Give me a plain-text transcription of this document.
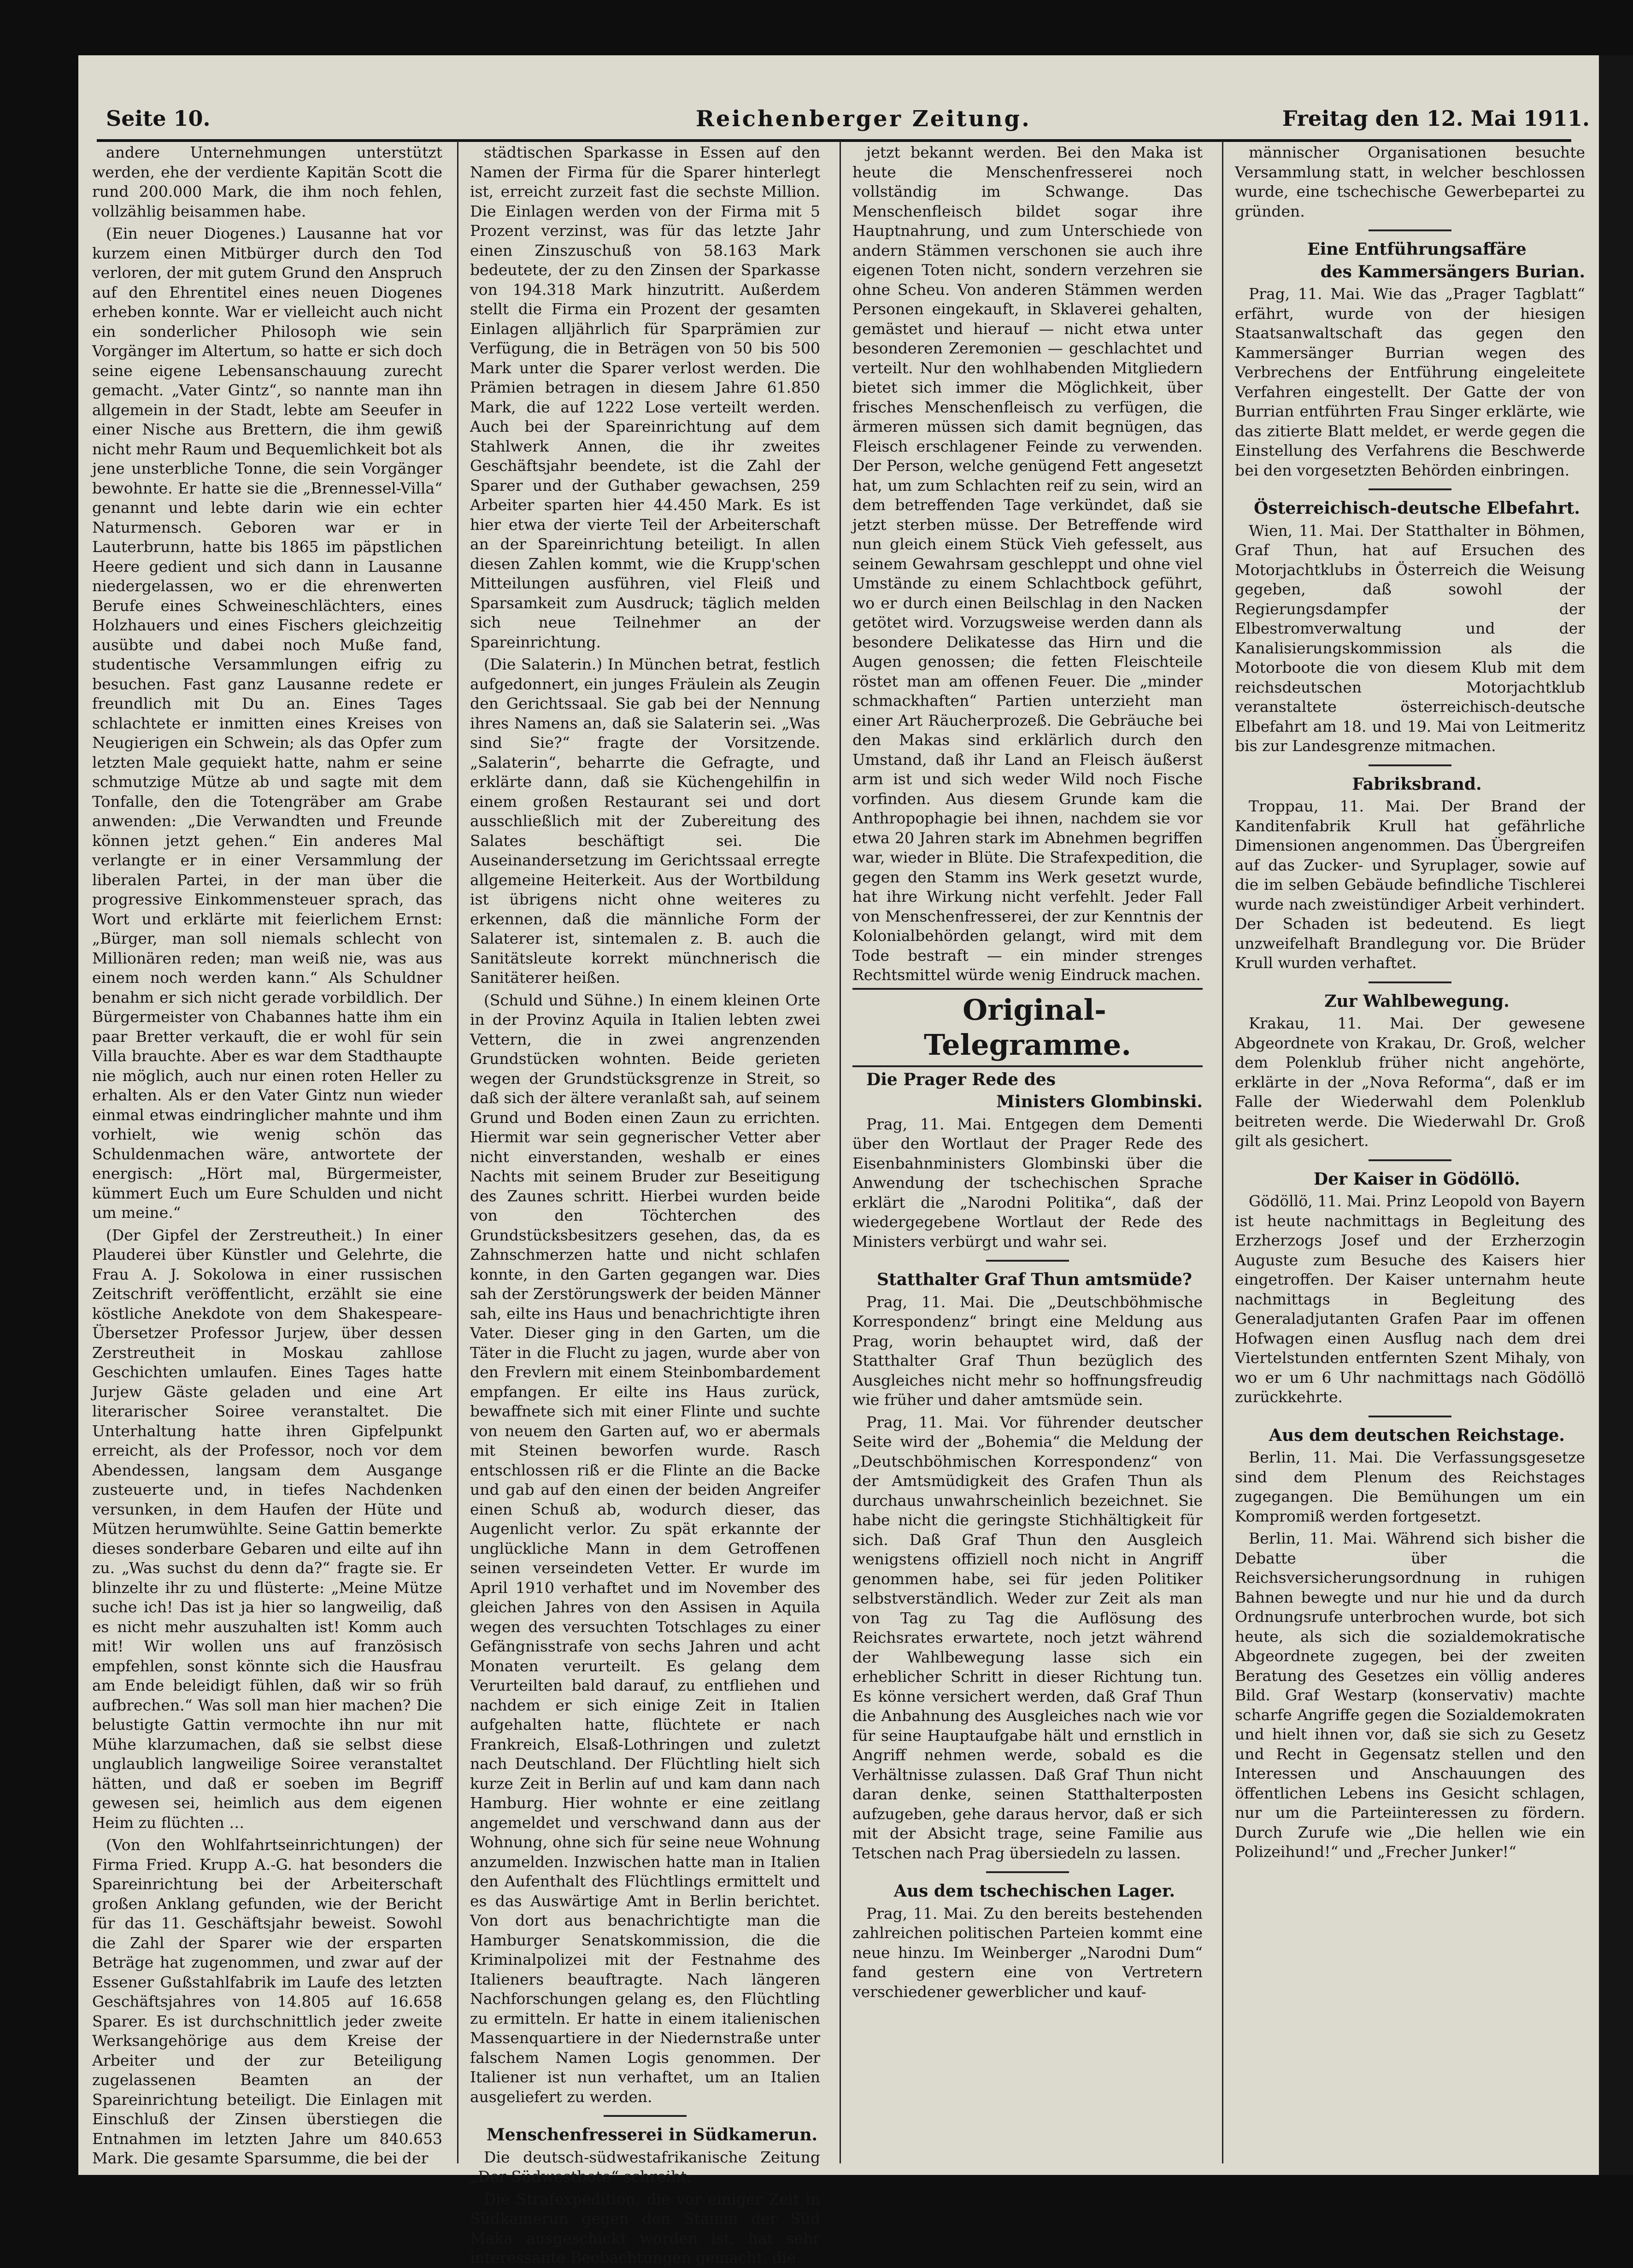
Seite 10.	Reichenberger Zeitung.	Freitag den 12. Mai 1911.

andere Unternehmungen unterstützt werden, ehe der verdiente Kapitän Scott die rund 200.000 Mark, die ihm noch fehlen, vollzählig beisammen habe.

(Ein neuer Diogenes.) Lausanne hat vor kurzem einen Mitbürger durch den Tod verloren, der mit gutem Grund den Anspruch auf den Ehrentitel eines neuen Diogenes erheben konnte. War er vielleicht auch nicht ein sonderlicher Philosoph wie sein Vorgänger im Altertum, so hatte er sich doch seine eigene Lebensanschauung zurecht gemacht. „Vater Gintz“, so nannte man ihn allgemein in der Stadt, lebte am Seeufer in einer Nische aus Brettern, die ihm gewiß nicht mehr Raum und Bequemlichkeit bot als jene unsterbliche Tonne, die sein Vorgänger bewohnte. Er hatte sie die „Brennessel-Villa“ genannt und lebte darin wie ein echter Naturmensch. Geboren war er in Lauterbrunn, hatte bis 1865 im päpstlichen Heere gedient und sich dann in Lausanne niedergelassen, wo er die ehrenwerten Berufe eines Schweineschlächters, eines Holzhauers und eines Fischers gleichzeitig ausübte und dabei noch Muße fand, studentische Versammlungen eifrig zu besuchen. Fast ganz Lausanne redete er freundlich mit Du an. Eines Tages schlachtete er inmitten eines Kreises von Neugierigen ein Schwein; als das Opfer zum letzten Male gequiekt hatte, nahm er seine schmutzige Mütze ab und sagte mit dem Tonfalle, den die Totengräber am Grabe anwenden: „Die Verwandten und Freunde können jetzt gehen.“ Ein anderes Mal verlangte er in einer Versammlung der liberalen Partei, in der man über die progressive Einkommensteuer sprach, das Wort und erklärte mit feierlichem Ernst: „Bürger, man soll niemals schlecht von Millionären reden; man weiß nie, was aus einem noch werden kann.“ Als Schuldner benahm er sich nicht gerade vorbildlich. Der Bürgermeister von Chabannes hatte ihm ein paar Bretter verkauft, die er wohl für sein Villa brauchte. Aber es war dem Stadthaupte nie möglich, auch nur einen roten Heller zu erhalten. Als er den Vater Gintz nun wieder einmal etwas eindringlicher mahnte und ihm vorhielt, wie wenig schön das Schuldenmachen wäre, antwortete der energisch: „Hört mal, Bürgermeister, kümmert Euch um Eure Schulden und nicht um meine.“

(Der Gipfel der Zerstreutheit.) In einer Plauderei über Künstler und Gelehrte, die Frau A. J. Sokolowa in einer russischen Zeitschrift veröffentlicht, erzählt sie eine köstliche Anekdote von dem Shakespeare-Übersetzer Professor Jurjew, über dessen Zerstreutheit in Moskau zahllose Geschichten umlaufen. Eines Tages hatte Jurjew Gäste geladen und eine Art literarischer Soiree veranstaltet. Die Unterhaltung hatte ihren Gipfelpunkt erreicht, als der Professor, noch vor dem Abendessen, langsam dem Ausgange zusteuerte und, in tiefes Nachdenken versunken, in dem Haufen der Hüte und Mützen herumwühlte. Seine Gattin bemerkte dieses sonderbare Gebaren und eilte auf ihn zu. „Was suchst du denn da?“ fragte sie. Er blinzelte ihr zu und flüsterte: „Meine Mütze suche ich! Das ist ja hier so langweilig, daß es nicht mehr auszuhalten ist! Komm auch mit! Wir wollen uns auf französisch empfehlen, sonst könnte sich die Hausfrau am Ende beleidigt fühlen, daß wir so früh aufbrechen.“ Was soll man hier machen? Die belustigte Gattin vermochte ihn nur mit Mühe klarzumachen, daß sie selbst diese unglaublich langweilige Soiree veranstaltet hätten, und daß er soeben im Begriff gewesen sei, heimlich aus dem eigenen Heim zu flüchten …

(Von den Wohlfahrtseinrichtungen) der Firma Fried. Krupp A.-G. hat besonders die Spareinrichtung bei der Arbeiterschaft großen Anklang gefunden, wie der Bericht für das 11. Geschäftsjahr beweist. Sowohl die Zahl der Sparer wie der ersparten Beträge hat zugenommen, und zwar auf der Essener Gußstahlfabrik im Laufe des letzten Geschäftsjahres von 14.805 auf 16.658 Sparer. Es ist durchschnittlich jeder zweite Werksangehörige aus dem Kreise der Arbeiter und der zur Beteiligung zugelassenen Beamten an der Spareinrichtung beteiligt. Die Einlagen mit Einschluß der Zinsen überstiegen die Entnahmen im letzten Jahre um 840.653 Mark. Die gesamte Sparsumme, die bei der

städtischen Sparkasse in Essen auf den Namen der Firma für die Sparer hinterlegt ist, erreicht zurzeit fast die sechste Million. Die Einlagen werden von der Firma mit 5 Prozent verzinst, was für das letzte Jahr einen Zinszuschuß von 58.163 Mark bedeutete, der zu den Zinsen der Sparkasse von 194.318 Mark hinzutritt. Außerdem stellt die Firma ein Prozent der gesamten Einlagen alljährlich für Sparprämien zur Verfügung, die in Beträgen von 50 bis 500 Mark unter die Sparer verlost werden. Die Prämien betragen in diesem Jahre 61.850 Mark, die auf 1222 Lose verteilt werden. Auch bei der Spareinrichtung auf dem Stahlwerk Annen, die ihr zweites Geschäftsjahr beendete, ist die Zahl der Sparer und der Guthaber gewachsen, 259 Arbeiter sparten hier 44.450 Mark. Es ist hier etwa der vierte Teil der Arbeiterschaft an der Spareinrichtung beteiligt. In allen diesen Zahlen kommt, wie die Krupp'schen Mitteilungen ausführen, viel Fleiß und Sparsamkeit zum Ausdruck; täglich melden sich neue Teilnehmer an der Spareinrichtung.

(Die Salaterin.) In München betrat, festlich aufgedonnert, ein junges Fräulein als Zeugin den Gerichtssaal. Sie gab bei der Nennung ihres Namens an, daß sie Salaterin sei. „Was sind Sie?“ fragte der Vorsitzende. „Salaterin“, beharrte die Gefragte, und erklärte dann, daß sie Küchengehilfin in einem großen Restaurant sei und dort ausschließlich mit der Zubereitung des Salates beschäftigt sei. Die Auseinandersetzung im Gerichtssaal erregte allgemeine Heiterkeit. Aus der Wortbildung ist übrigens nicht ohne weiteres zu erkennen, daß die männliche Form der Salaterer ist, sintemalen z. B. auch die Sanitätsleute korrekt münchnerisch die Sanitäterer heißen.

(Schuld und Sühne.) In einem kleinen Orte in der Provinz Aquila in Italien lebten zwei Vettern, die in zwei angrenzenden Grundstücken wohnten. Beide gerieten wegen der Grundstücksgrenze in Streit, so daß sich der ältere veranlaßt sah, auf seinem Grund und Boden einen Zaun zu errichten. Hiermit war sein gegnerischer Vetter aber nicht einverstanden, weshalb er eines Nachts mit seinem Bruder zur Beseitigung des Zaunes schritt. Hierbei wurden beide von den Töchterchen des Grundstücksbesitzers gesehen, das, da es Zahnschmerzen hatte und nicht schlafen konnte, in den Garten gegangen war. Dies sah der Zerstörungswerk der beiden Männer sah, eilte ins Haus und benachrichtigte ihren Vater. Dieser ging in den Garten, um die Täter in die Flucht zu jagen, wurde aber von den Frevlern mit einem Steinbombardement empfangen. Er eilte ins Haus zurück, bewaffnete sich mit einer Flinte und suchte von neuem den Garten auf, wo er abermals mit Steinen beworfen wurde. Rasch entschlossen riß er die Flinte an die Backe und gab auf den einen der beiden Angreifer einen Schuß ab, wodurch dieser, das Augenlicht verlor. Zu spät erkannte der unglückliche Mann in dem Getroffenen seinen verseindeten Vetter. Er wurde im April 1910 verhaftet und im November des gleichen Jahres von den Assisen in Aquila wegen des versuchten Totschlages zu einer Gefängnisstrafe von sechs Jahren und acht Monaten verurteilt. Es gelang dem Verurteilten bald darauf, zu entfliehen und nachdem er sich einige Zeit in Italien aufgehalten hatte, flüchtete er nach Frankreich, Elsaß-Lothringen und zuletzt nach Deutschland. Der Flüchtling hielt sich kurze Zeit in Berlin auf und kam dann nach Hamburg. Hier wohnte er eine zeitlang angemeldet und verschwand dann aus der Wohnung, ohne sich für seine neue Wohnung anzumelden. Inzwischen hatte man in Italien den Aufenthalt des Flüchtlings ermittelt und es das Auswärtige Amt in Berlin berichtet. Von dort aus benachrichtigte man die Hamburger Senatskommission, die die Kriminalpolizei mit der Festnahme des Italieners beauftragte. Nach längeren Nachforschungen gelang es, den Flüchtling zu ermitteln. Er hatte in einem italienischen Massenquartiere in der Niedernstraße unter falschem Namen Logis genommen. Der Italiener ist nun verhaftet, um an Italien ausgeliefert zu werden.

Menschenfresserei in Südkamerun.

Die deutsch-südwestafrikanische Zeitung „Der Südwestbote“ schreibt:

Die Strafexpedition, die vor einiger Zeit in Südkamerun gegen den Stamm der Süd Maka ausgeschickt worden ist, hat sehr interessante Beobachtungen gemacht, die

jetzt bekannt werden. Bei den Maka ist heute die Menschenfresserei noch vollständig im Schwange. Das Menschenfleisch bildet sogar ihre Hauptnahrung, und zum Unterschiede von andern Stämmen verschonen sie auch ihre eigenen Toten nicht, sondern verzehren sie ohne Scheu. Von anderen Stämmen werden Personen eingekauft, in Sklaverei gehalten, gemästet und hierauf — nicht etwa unter besonderen Zeremonien — geschlachtet und verteilt. Nur den wohlhabenden Mitgliedern bietet sich immer die Möglichkeit, über frisches Menschenfleisch zu verfügen, die ärmeren müssen sich damit begnügen, das Fleisch erschlagener Feinde zu verwenden. Der Person, welche genügend Fett angesetzt hat, um zum Schlachten reif zu sein, wird an dem betreffenden Tage verkündet, daß sie jetzt sterben müsse. Der Betreffende wird nun gleich einem Stück Vieh gefesselt, aus seinem Gewahrsam geschleppt und ohne viel Umstände zu einem Schlachtbock geführt, wo er durch einen Beilschlag in den Nacken getötet wird. Vorzugsweise werden dann als besondere Delikatesse das Hirn und die Augen genossen; die fetten Fleischteile röstet man am offenen Feuer. Die „minder schmackhaften“ Partien unterzieht man einer Art Räucherprozeß. Die Gebräuche bei den Makas sind erklärlich durch den Umstand, daß ihr Land an Fleisch äußerst arm ist und sich weder Wild noch Fische vorfinden. Aus diesem Grunde kam die Anthropophagie bei ihnen, nachdem sie vor etwa 20 Jahren stark im Abnehmen begriffen war, wieder in Blüte. Die Strafexpedition, die gegen den Stamm ins Werk gesetzt wurde, hat ihre Wirkung nicht verfehlt. Jeder Fall von Menschenfresserei, der zur Kenntnis der Kolonialbehörden gelangt, wird mit dem Tode bestraft — ein minder strenges Rechtsmittel würde wenig Eindruck machen.

Original-Telegramme.

Die Prager Rede des

Ministers Glombinski.

Prag, 11. Mai. Entgegen dem Dementi über den Wortlaut der Prager Rede des Eisenbahnministers Glombinski über die Anwendung der tschechischen Sprache erklärt die „Narodni Politika“, daß der wiedergegebene Wortlaut der Rede des Ministers verbürgt und wahr sei.

Statthalter Graf Thun amtsmüde?

Prag, 11. Mai. Die „Deutschböhmische Korrespondenz“ bringt eine Meldung aus Prag, worin behauptet wird, daß der Statthalter Graf Thun bezüglich des Ausgleiches nicht mehr so hoffnungsfreudig wie früher und daher amtsmüde sein.

Prag, 11. Mai. Vor führender deutscher Seite wird der „Bohemia“ die Meldung der „Deutschböhmischen Korrespondenz“ von der Amtsmüdigkeit des Grafen Thun als durchaus unwahrscheinlich bezeichnet. Sie habe nicht die geringste Stichhältigkeit für sich. Daß Graf Thun den Ausgleich wenigstens offiziell noch nicht in Angriff genommen habe, sei für jeden Politiker selbstverständlich. Weder zur Zeit als man von Tag zu Tag die Auflösung des Reichsrates erwartete, noch jetzt während der Wahlbewegung lasse sich ein erheblicher Schritt in dieser Richtung tun. Es könne versichert werden, daß Graf Thun die Anbahnung des Ausgleiches nach wie vor für seine Hauptaufgabe hält und ernstlich in Angriff nehmen werde, sobald es die Verhältnisse zulassen. Daß Graf Thun nicht daran denke, seinen Statthalterposten aufzugeben, gehe daraus hervor, daß er sich mit der Absicht trage, seine Familie aus Tetschen nach Prag übersiedeln zu lassen.

Aus dem tschechischen Lager.

Prag, 11. Mai. Zu den bereits bestehenden zahlreichen politischen Parteien kommt eine neue hinzu. Im Weinberger „Narodni Dum“ fand gestern eine von Vertretern verschiedener gewerblicher und kauf-

männischer Organisationen besuchte Versammlung statt, in welcher beschlossen wurde, eine tschechische Gewerbepartei zu gründen.

Eine Entführungsaffäre

des Kammersängers Burian.

Prag, 11. Mai. Wie das „Prager Tagblatt“ erfährt, wurde von der hiesigen Staatsanwaltschaft das gegen den Kammersänger Burrian wegen des Verbrechens der Entführung eingeleitete Verfahren eingestellt. Der Gatte der von Burrian entführten Frau Singer erklärte, wie das zitierte Blatt meldet, er werde gegen die Einstellung des Verfahrens die Beschwerde bei den vorgesetzten Behörden einbringen.

Österreichisch-deutsche Elbefahrt.

Wien, 11. Mai. Der Statthalter in Böhmen, Graf Thun, hat auf Ersuchen des Motorjachtklubs in Österreich die Weisung gegeben, daß sowohl der Regierungsdampfer der Elbestromverwaltung und der Kanalisierungskommission als die Motorboote die von diesem Klub mit dem reichsdeutschen Motorjachtklub veranstaltete österreichisch-deutsche Elbefahrt am 18. und 19. Mai von Leitmeritz bis zur Landesgrenze mitmachen.

Fabriksbrand.

Troppau, 11. Mai. Der Brand der Kanditenfabrik Krull hat gefährliche Dimensionen angenommen. Das Übergreifen auf das Zucker- und Syruplager, sowie auf die im selben Gebäude befindliche Tischlerei wurde nach zweistündiger Arbeit verhindert. Der Schaden ist bedeutend. Es liegt unzweifelhaft Brandlegung vor. Die Brüder Krull wurden verhaftet.

Zur Wahlbewegung.

Krakau, 11. Mai. Der gewesene Abgeordnete von Krakau, Dr. Groß, welcher dem Polenklub früher nicht angehörte, erklärte in der „Nova Reforma“, daß er im Falle der Wiederwahl dem Polenklub beitreten werde. Die Wiederwahl Dr. Groß gilt als gesichert.

Der Kaiser in Gödöllö.

Gödöllö, 11. Mai. Prinz Leopold von Bayern ist heute nachmittags in Begleitung des Erzherzogs Josef und der Erzherzogin Auguste zum Besuche des Kaisers hier eingetroffen. Der Kaiser unternahm heute nachmittags in Begleitung des Generaladjutanten Grafen Paar im offenen Hofwagen einen Ausflug nach dem drei Viertelstunden entfernten Szent Mihaly, von wo er um 6 Uhr nachmittags nach Gödöllö zurückkehrte.

Aus dem deutschen Reichstage.

Berlin, 11. Mai. Die Verfassungsgesetze sind dem Plenum des Reichstages zugegangen. Die Bemühungen um ein Kompromiß werden fortgesetzt.

Berlin, 11. Mai. Während sich bisher die Debatte über die Reichsversicherungsordnung in ruhigen Bahnen bewegte und nur hie und da durch Ordnungsrufe unterbrochen wurde, bot sich heute, als sich die sozialdemokratische Abgeordnete zugegen, bei der zweiten Beratung des Gesetzes ein völlig anderes Bild. Graf Westarp (konservativ) machte scharfe Angriffe gegen die Sozialdemokraten und hielt ihnen vor, daß sie sich zu Gesetz und Recht in Gegensatz stellen und den Interessen und Anschauungen des öffentlichen Lebens ins Gesicht schlagen, nur um die Parteiinteressen zu fördern. Durch Zurufe wie „Die hellen wie ein Polizeihund!“ und „Frecher Junker!“
